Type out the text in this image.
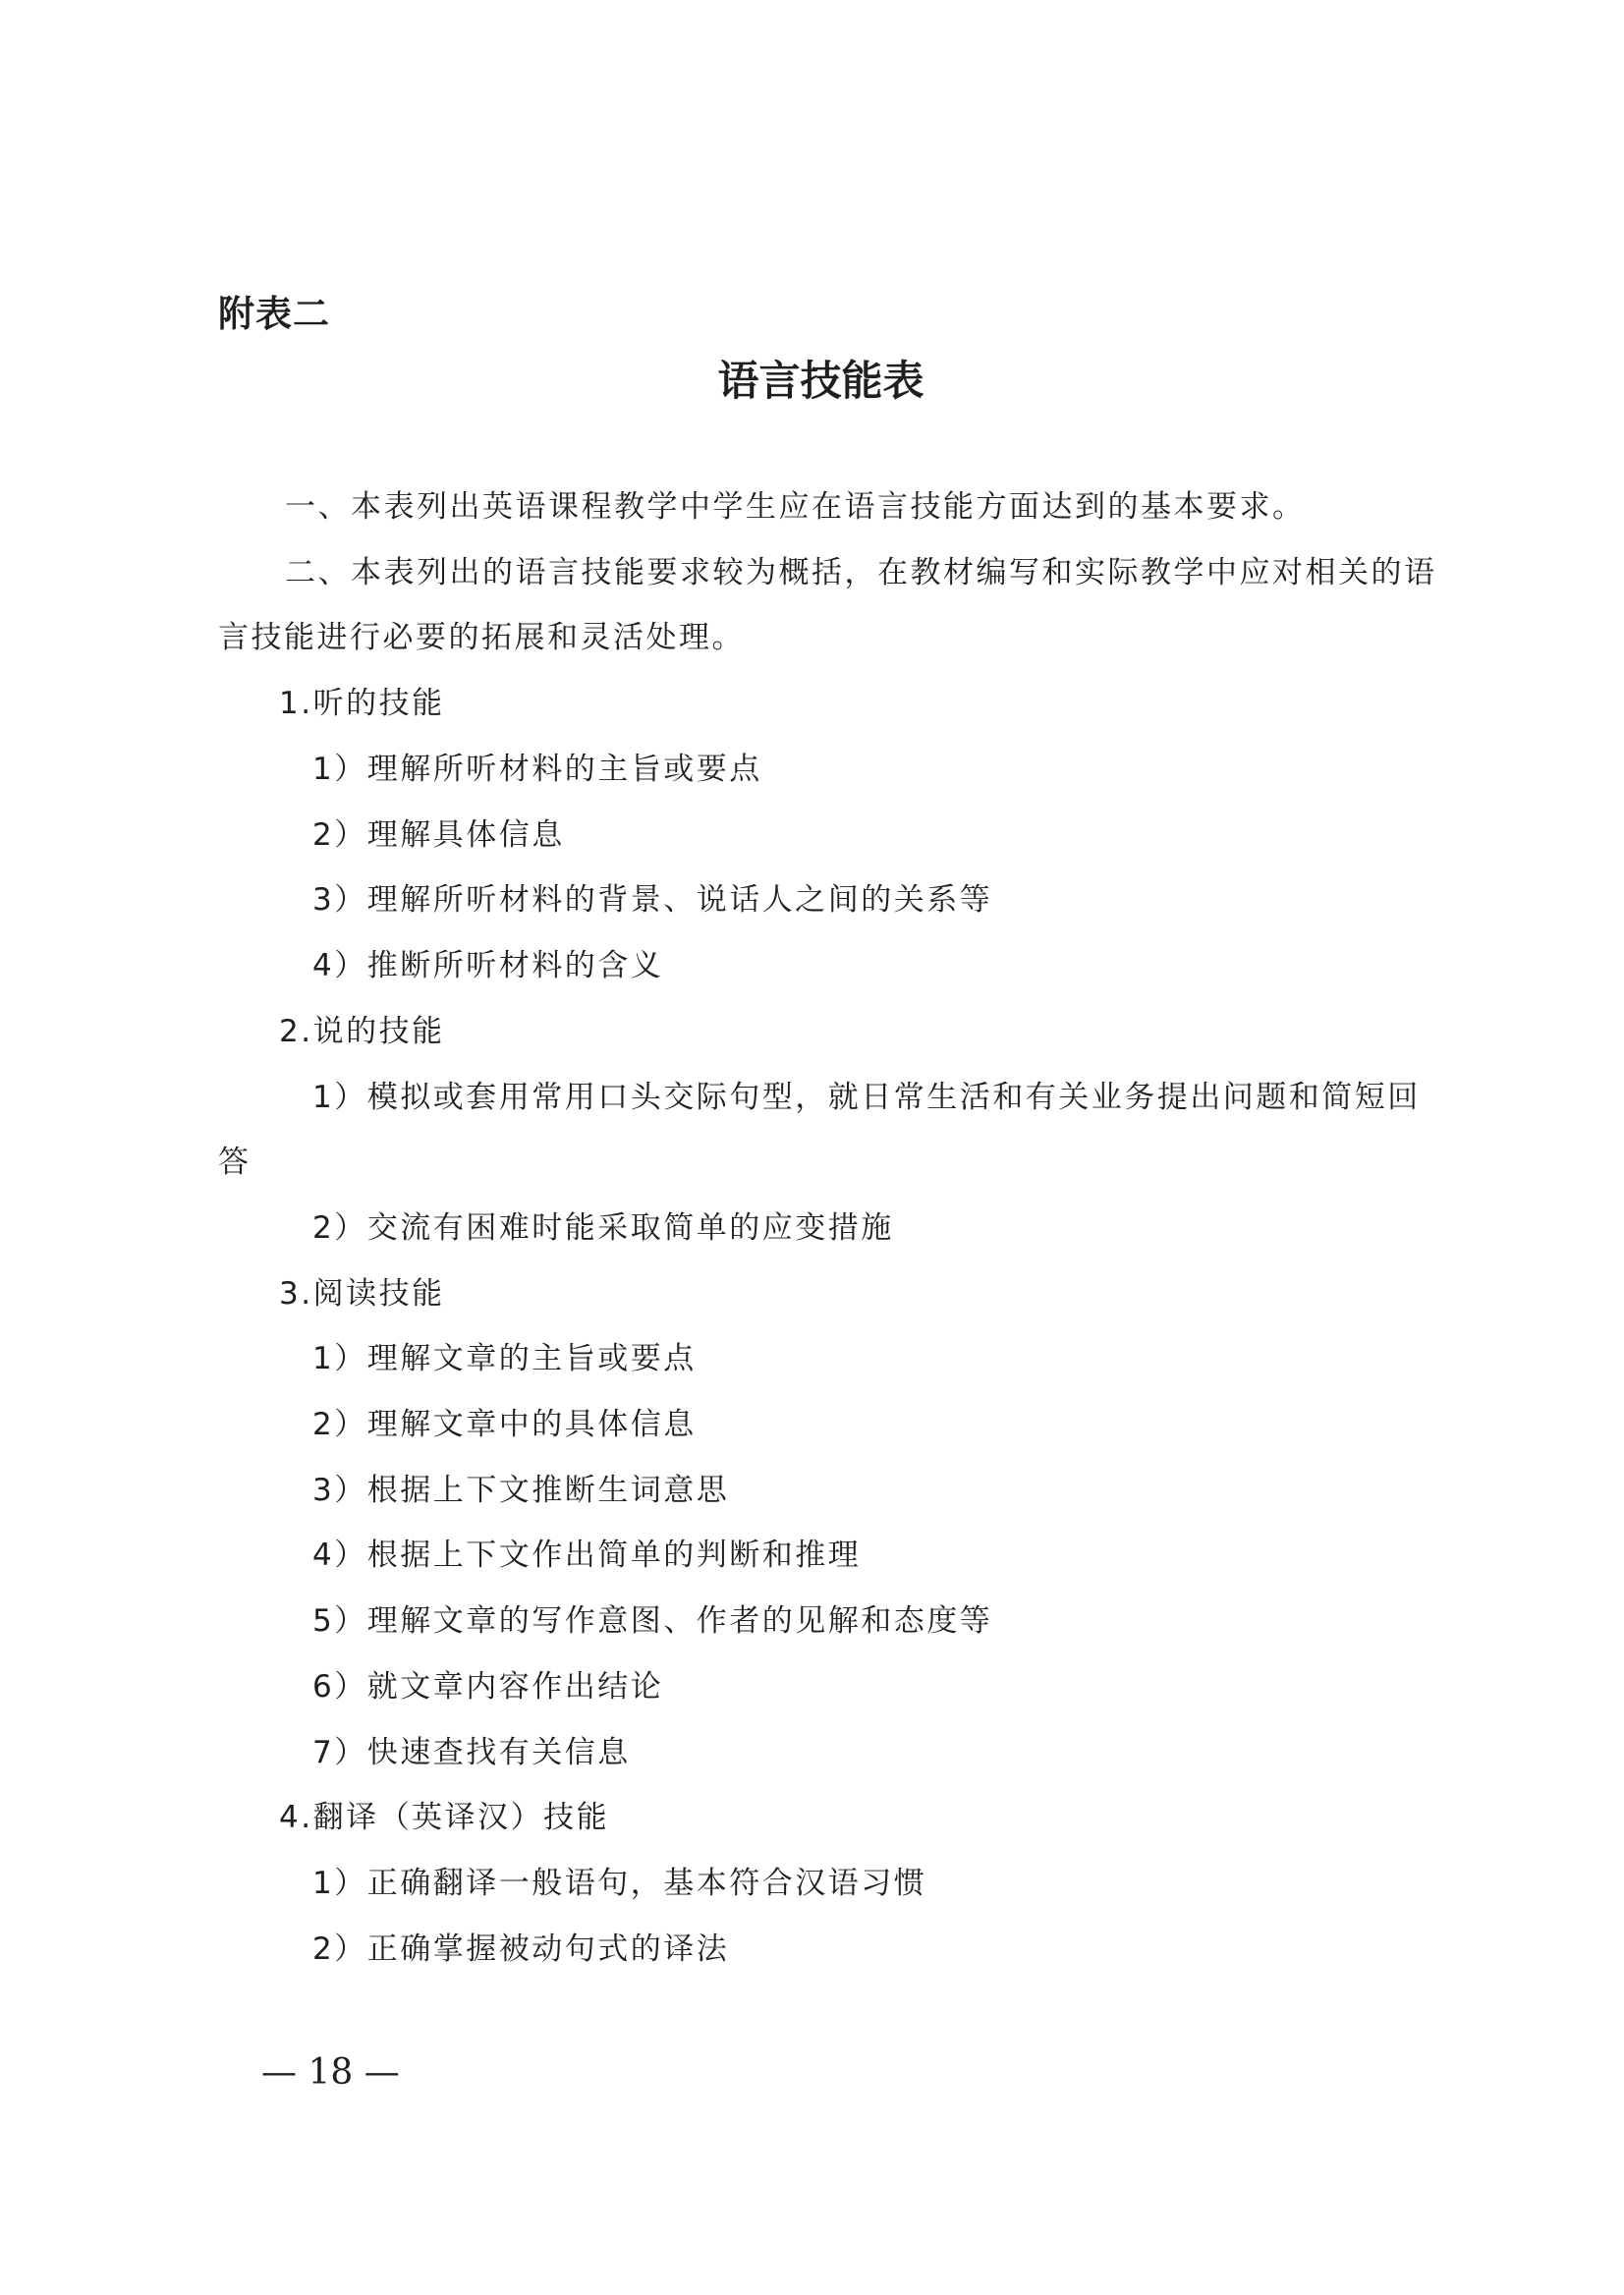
附表二
语言技能表
一、本表列出英语课程教学中学生应在语言技能方面达到的基本要求。
二、本表列出的语言技能要求较为概括，在教材编写和实际教学中应对相关的语
言技能进行必要的拓展和灵活处理。
1.听的技能
1）理解所听材料的主旨或要点
2）理解具体信息
3）理解所听材料的背景、说话人之间的关系等
4）推断所听材料的含义
2.说的技能
1）模拟或套用常用口头交际句型，就日常生活和有关业务提出问题和简短回
答
2）交流有困难时能采取简单的应变措施
3.阅读技能
1）理解文章的主旨或要点
2）理解文章中的具体信息
3）根据上下文推断生词意思
4）根据上下文作出简单的判断和推理
5）理解文章的写作意图、作者的见解和态度等
6）就文章内容作出结论
7）快速查找有关信息
4.翻译（英译汉）技能
1）正确翻译一般语句，基本符合汉语习惯
2）正确掌握被动句式的译法
— 18 —
